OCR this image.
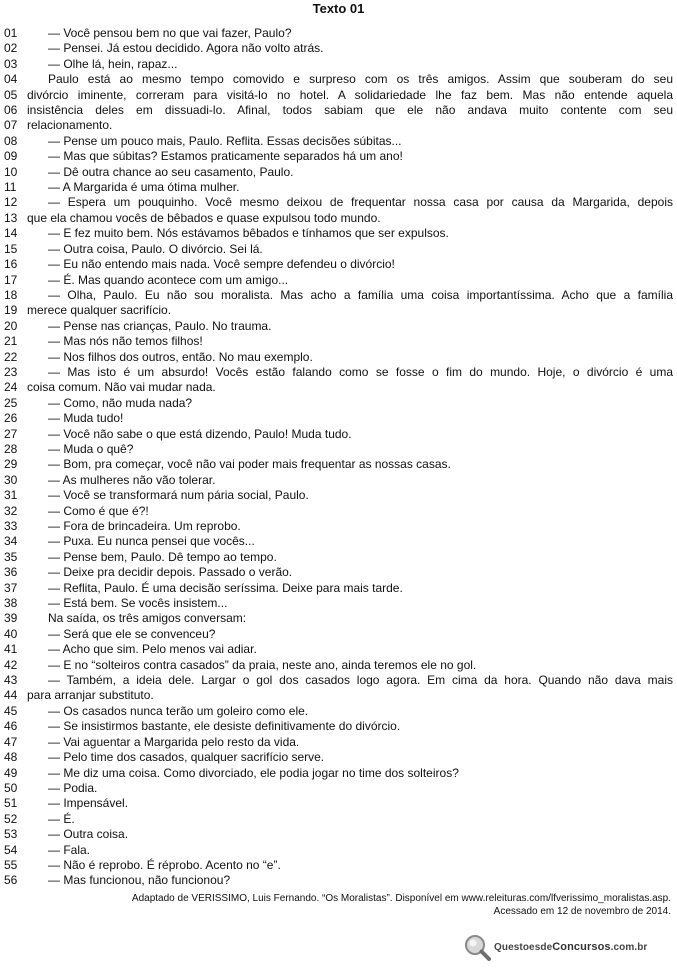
Texto 01
01	— Você pensou bem no que vai fazer, Paulo?
02	— Pensei. Já estou decidido. Agora não volto atrás.
03	— Olhe lá, hein, rapaz...
04	Paulo está ao mesmo tempo comovido e surpreso com os três amigos. Assim que souberam do seu
05 divórcio iminente, correram para visitá-lo no hotel. A solidariedade lhe faz bem. Mas não entende aquela
06 insistência deles em dissuadi-lo. Afinal, todos sabiam que ele não andava muito contente com seu
07 relacionamento.
08	— Pense um pouco mais, Paulo. Reflita. Essas decisões súbitas...
09	— Mas que súbitas? Estamos praticamente separados há um ano!
10	— Dê outra chance ao seu casamento, Paulo.
11	— A Margarida é uma ótima mulher.
12	— Espera um pouquinho. Você mesmo deixou de frequentar nossa casa por causa da Margarida, depois
13 que ela chamou vocês de bêbados e quase expulsou todo mundo.
14	— E fez muito bem. Nós estávamos bêbados e tínhamos que ser expulsos.
15	— Outra coisa, Paulo. O divórcio. Sei lá.
16	— Eu não entendo mais nada. Você sempre defendeu o divórcio!
17	— É. Mas quando acontece com um amigo...
18	— Olha, Paulo. Eu não sou moralista. Mas acho a família uma coisa importantíssima. Acho que a família
19 merece qualquer sacrifício.
20	— Pense nas crianças, Paulo. No trauma.
21	— Mas nós não temos filhos!
22	— Nos filhos dos outros, então. No mau exemplo.
23	— Mas isto é um absurdo! Vocês estão falando como se fosse o fim do mundo. Hoje, o divórcio é uma
24 coisa comum. Não vai mudar nada.
25	— Como, não muda nada?
26	— Muda tudo!
27	— Você não sabe o que está dizendo, Paulo! Muda tudo.
28	— Muda o quê?
29	— Bom, pra começar, você não vai poder mais frequentar as nossas casas.
30	— As mulheres não vão tolerar.
31	— Você se transformará num pária social, Paulo.
32	— Como é que é?!
33	— Fora de brincadeira. Um reprobo.
34	— Puxa. Eu nunca pensei que vocês...
35	— Pense bem, Paulo. Dê tempo ao tempo.
36	— Deixe pra decidir depois. Passado o verão.
37	— Reflita, Paulo. É uma decisão seríssima. Deixe para mais tarde.
38	— Está bem. Se vocês insistem...
39	Na saída, os três amigos conversam:
40	— Será que ele se convenceu?
41	— Acho que sim. Pelo menos vai adiar.
42	— E no “solteiros contra casados” da praia, neste ano, ainda teremos ele no gol.
43	— Também, a ideia dele. Largar o gol dos casados logo agora. Em cima da hora. Quando não dava mais
44 para arranjar substituto.
45	— Os casados nunca terão um goleiro como ele.
46	— Se insistirmos bastante, ele desiste definitivamente do divórcio.
47	— Vai aguentar a Margarida pelo resto da vida.
48	— Pelo time dos casados, qualquer sacrifício serve.
49	— Me diz uma coisa. Como divorciado, ele podia jogar no time dos solteiros?
50	— Podia.
51	— Impensável.
52	— É.
53	— Outra coisa.
54	— Fala.
55	— Não é reprobo. É réprobo. Acento no “e”.
56	— Mas funcionou, não funcionou?
Adaptado de VERISSIMO, Luis Fernando. “Os Moralistas”. Disponível em www.releituras.com/lfverissimo_moralistas.asp.
Acessado em 12 de novembro de 2014.
QuestoesdeConcursos.com.br
